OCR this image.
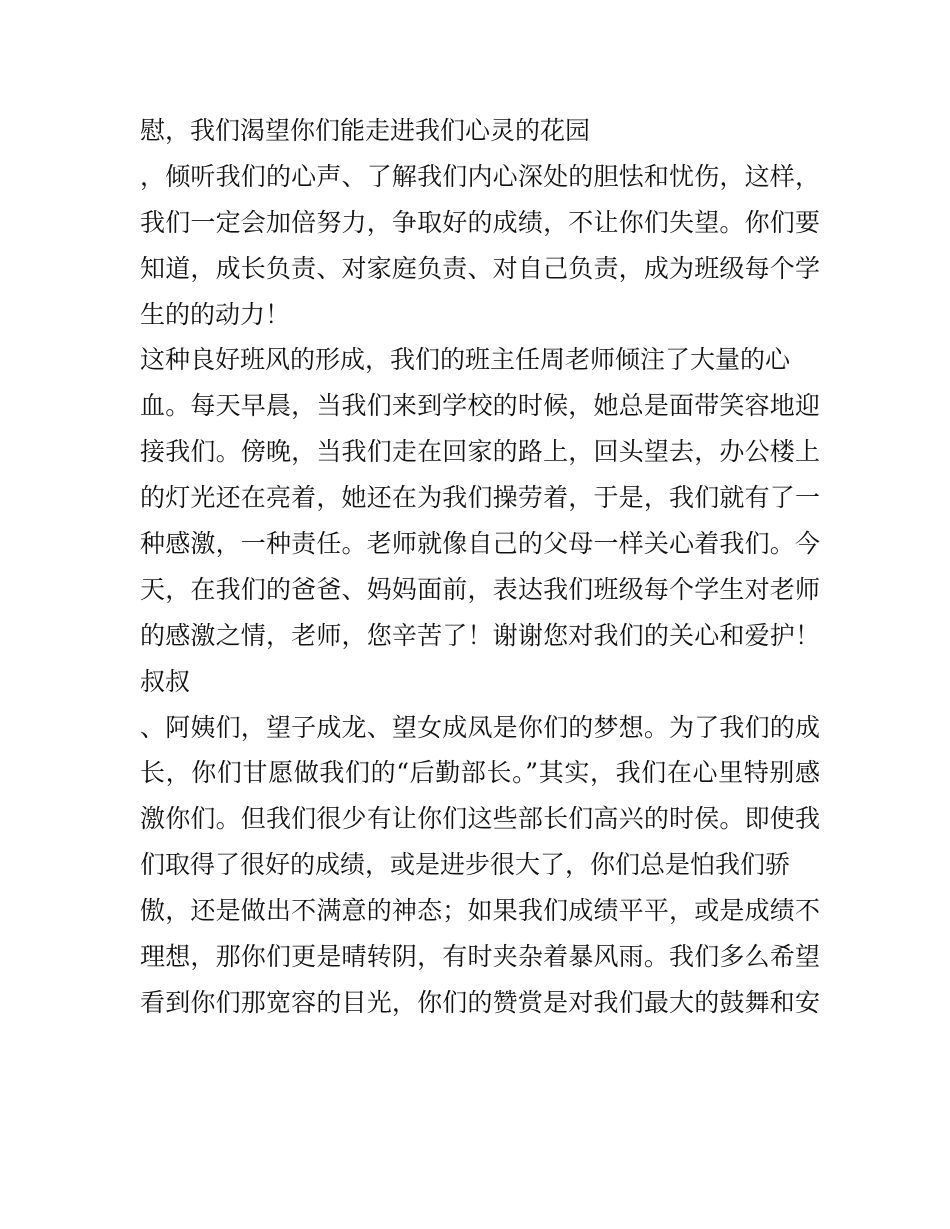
慰，我们渴望你们能走进我们心灵的花园
，倾听我们的心声、了解我们内心深处的胆怯和忧伤，这样，
我们一定会加倍努力，争取好的成绩，不让你们失望。你们要
知道，成长负责、对家庭负责、对自己负责，成为班级每个学
生的的动力！
这种良好班风的形成，我们的班主任周老师倾注了大量的心
血。每天早晨，当我们来到学校的时候，她总是面带笑容地迎
接我们。傍晚，当我们走在回家的路上，回头望去，办公楼上
的灯光还在亮着，她还在为我们操劳着，于是，我们就有了一
种感激，一种责任。老师就像自己的父母一样关心着我们。今
天，在我们的爸爸、妈妈面前，表达我们班级每个学生对老师
的感激之情，老师，您辛苦了！谢谢您对我们的关心和爱护！
叔叔
、阿姨们，望子成龙、望女成凤是你们的梦想。为了我们的成
长，你们甘愿做我们的“后勤部长。”其实，我们在心里特别感
激你们。但我们很少有让你们这些部长们高兴的时侯。即使我
们取得了很好的成绩，或是进步很大了，你们总是怕我们骄
傲，还是做出不满意的神态；如果我们成绩平平，或是成绩不
理想，那你们更是晴转阴，有时夹杂着暴风雨。我们多么希望
看到你们那宽容的目光，你们的赞赏是对我们最大的鼓舞和安
